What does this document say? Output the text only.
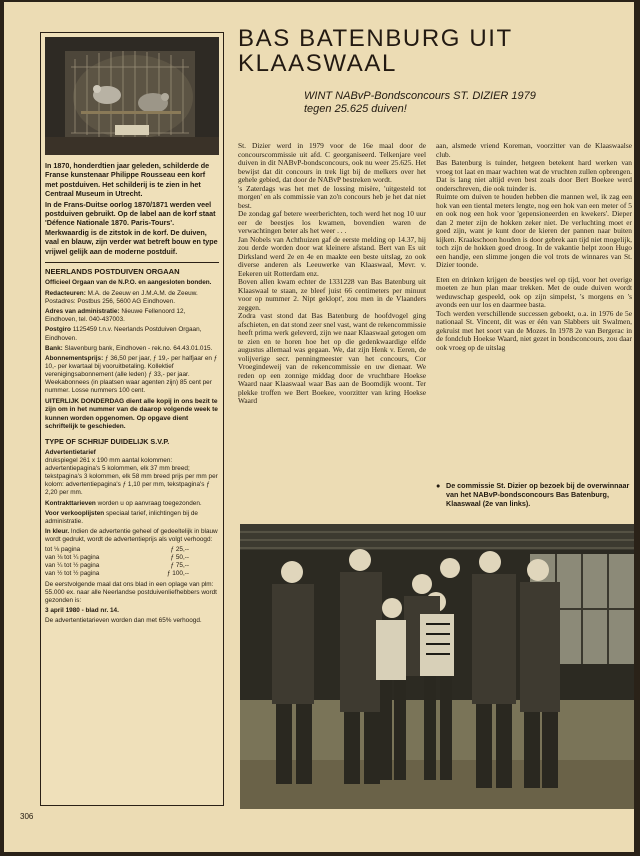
In 1870, honderdtien jaar geleden, schilderde de Franse kunstenaar Philippe Rousseau een korf met postduiven. Het schilderij is te zien in het Centraal Museum in Utrecht.

In de Frans-Duitse oorlog 1870/1871 werden veel postduiven gebruikt. Op de label aan de korf staat 'Défence Nationale 1870. Paris-Tours'. Merkwaardig is de zitstok in de korf. De duiven, vaal en blauw, zijn verder wat betreft bouw en type vrijwel gelijk aan de moderne postduif.

NEERLANDS POSTDUIVEN ORGAAN
Officieel Orgaan van de N.P.O. en aangesloten bonden.

Redacteuren: M.A. de Zeeuw en J.M.A.M. de Zeeuw. Postadres: Postbus 256, 5600 AG Eindhoven.

Adres van administratie: Nieuwe Fellenoord 12, Eindhoven, tel. 040-437003.

Postgiro 1125459 t.n.v. Neerlands Postduiven Orgaan, Eindhoven.

Bank: Slavenburg bank, Eindhoven - rek.no. 64.43.01.015.

Abonnementsprijs: ƒ 36,50 per jaar, ƒ 19,- per halfjaar en ƒ 10,- per kwartaal bij vooruitbetaling. Kollektief verenigingsabonnement (alle leden) ƒ 33,- per jaar. Weekabonnees (in plaatsen waar agenten zijn) 85 cent per nummer. Losse nummers 100 cent.

UITERLIJK DONDERDAG dient alle kopij in ons bezit te zijn om in het nummer van de daarop volgende week te kunnen worden opgenomen. Op opgave dient schriftelijk te geschieden.
TYPE OF SCHRIJF DUIDELIJK S.V.P.

Advertentietarief
drukspiegel 261 x 190 mm aantal kolommen: advertentiepagina's 5 kolommen, elk 37 mm breed; tekstpagina's 3 kolommen, elk 58 mm breed prijs per mm per kolom: advertentiepagina's ƒ 1,10 per mm, tekstpagina's ƒ 2,20 per mm.

Kontrakttarieven worden u op aanvraag toegezonden.

Voor verkooplijsten speciaal tarief, inlichtingen bij de administratie.

In kleur. Indien de advertentie geheel of gedeeltelijk in blauw wordt gedrukt, wordt de advertentieprijs als volgt verhoogd:

tot ⅛ pagina	ƒ 25,--
van ⅛ tot ¼ pagina	ƒ 50,--
van ¼ tot ½ pagina	ƒ 75,--
van ½ tot ½ pagina	ƒ 100,--

De eerstvolgende maal dat ons blad in een oplage van plm: 55.000 ex. naar alle Neerlandse postduivenliefhebbers wordt gezonden is:

3 april 1980 - blad nr. 14.

De advertentietarieven worden dan met 65% verhoogd.

306
BAS BATENBURG UIT
KLAASWAAL
WINT NABvP-Bondsconcours ST. DIZIER 1979
tegen 25.625 duiven!

St. Dizier werd in 1979 voor de 16e maal door de concourscommissie uit afd. C georganiseerd. Telkenjare veel duiven in dit NABvP-bondsconcours, ook nu weer 25.625. Het bewijst dat dit concours in trek ligt bij de melkers over het gehele gebied, dat door de NABvP bestreken wordt.

's Zaterdags was het met de lossing misère, 'uitgesteld tot morgen' en als commissie van zo'n concours heb je het dat niet best.

De zondag gaf betere weerberichten, toch werd het nog 10 uur eer de beestjes los kwamen, bovendien waren de verwachtingen beter als het weer . . .

Jan Nobels van Achthuizen gaf de eerste melding op 14.37, hij zou derde worden door wat kleinere afstand. Bert van Es uit Dirksland werd 2e en 4e en maakte een beste uitslag, zo ook diverse anderen als Leeuwerke van Klaaswaal, Mevr. v. Eekeren uit Rotterdam enz.

Boven allen kwam echter de 1331228 van Bas Batenburg uit Klaaswaal te staan, ze bleef juist 66 centimeters per minuut voor op nummer 2. Nipt geklopt', zou men in de Vlaanders zeggen.

Zodra vast stond dat Bas Batenburg de hoofdvogel ging afschieten, en dat stond zeer snel vast, want de rekencommissie heeft prima werk geleverd, zijn we naar Klaaswaal getogen om te zien en te horen hoe het op die gedenkwaardige elfde augustus allemaal was gegaan. We, dat zijn Henk v. Eeren, de volijverige secr. penningmeester van het concours, Cor Vroegindeweij van de rekencommissie en uw dienaar. We reden op een zonnige middag door de vruchtbare Hoekse Waard naar Klaaswaal waar Bas aan de Boomdijk woont. Ter plekke troffen we Bert Boekee, voorzitter van kring Hoekse Waard

aan, alsmede vriend Koreman, voorzitter van de Klaaswaalse club.

Bas Batenburg is tuinder, hetgeen betekent hard werken van vroeg tot laat en maar wachten wat de vruchten zullen opbrengen. Dat is lang niet altijd even best zoals door Bert Boekee werd onderschreven, die ook tuinder is.

Ruimte om duiven te houden hebben die mannen wel, ik zag een hok van een tiental meters lengte, nog een hok van een meter of 5 en ook nog een hok voor 'gepensioneerden en kwekers'. Dieper dan 2 meter zijn de hokken zeker niet. De verluchting moet er goed zijn, want je kunt door de kieren der pannen naar buiten kijken. Kraakschoon houden is door gebrek aan tijd niet mogelijk, toch zijn de hokken goed droog. In de vakantie helpt zoon Hugo een handje, een slimme jongen die vol trots de winnares van St. Dizier toonde.

Eten en drinken krijgen de beestjes wel op tijd, voor het overige moeten ze hun plan maar trekken. Met de oude duiven wordt weduwschap gespeeld, ook op zijn simpelst, 's morgens en 's avonds een uur los en daarmee basta.

Toch werden verschillende successen geboekt, o.a. in 1976 de 5e nationaal St. Vincent, dit was er één van Slabbers uit Swalmen, gekruist met het soort van de Mozes. In 1978 2e van Bergerac in de fondclub Hoekse Waard, niet gezet in bondsconcours, zou daar ook vroeg op de uitslag

● De commissie St. Dizier op bezoek bij de overwinnaar van het NABvP-bondsconcours Bas Batenburg, Klaaswaal (2e van links).
